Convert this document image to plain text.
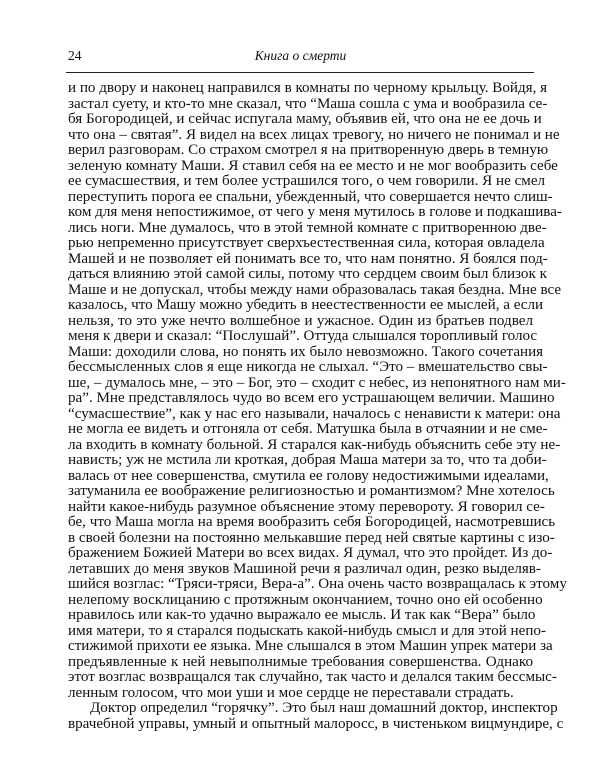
24	Книга о смерти
и по двору и наконец направился в комнаты по черному крыльцу. Войдя, я
застал суету, и кто-то мне сказал, что “Маша сошла с ума и вообразила се-
бя Богородицей, и сейчас испугала маму, объявив ей, что она не ее дочь и
что она – святая”. Я видел на всех лицах тревогу, но ничего не понимал и не
верил разговорам. Со страхом смотрел я на притворенную дверь в темную
зеленую комнату Маши. Я ставил себя на ее место и не мог вообразить себе
ее сумасшествия, и тем более устрашился того, о чем говорили. Я не смел
переступить порога ее спальни, убежденный, что совершается нечто слиш-
ком для меня непостижимое, от чего у меня мутилось в голове и подкашива-
лись ноги. Мне думалось, что в этой темной комнате с притворенною две-
рью непременно присутствует сверхъестественная сила, которая овладела
Машей и не позволяет ей понимать все то, что нам понятно. Я боялся под-
даться влиянию этой самой силы, потому что сердцем своим был близок к
Маше и не допускал, чтобы между нами образовалась такая бездна. Мне все
казалось, что Машу можно убедить в неестественности ее мыслей, а если
нельзя, то это уже нечто волшебное и ужасное. Один из братьев подвел
меня к двери и сказал: “Послушай”. Оттуда слышался торопливый голос
Маши: доходили слова, но понять их было невозможно. Такого сочетания
бессмысленных слов я еще никогда не слыхал. “Это – вмешательство свы-
ше, – думалось мне, – это – Бог, это – сходит с небес, из непонятного нам ми-
ра”. Мне представлялось чудо во всем его устрашающем величии. Машино
“сумасшествие”, как у нас его называли, началось с ненависти к матери: она
не могла ее видеть и отгоняла от себя. Матушка была в отчаянии и не сме-
ла входить в комнату больной. Я старался как-нибудь объяснить себе эту не-
нависть; уж не мстила ли кроткая, добрая Маша матери за то, что та доби-
валась от нее совершенства, смутила ее голову недостижимыми идеалами,
затуманила ее воображение религиозностью и романтизмом? Мне хотелось
найти какое-нибудь разумное объяснение этому перевороту. Я говорил се-
бе, что Маша могла на время вообразить себя Богородицей, насмотревшись
в своей болезни на постоянно мелькавшие перед ней святые картины с изо-
бражением Божией Матери во всех видах. Я думал, что это пройдет. Из до-
летавших до меня звуков Машиной речи я различал один, резко выделяв-
шийся возглас: “Тряси-тряси, Вера-а”. Она очень часто возвращалась к этому
нелепому восклицанию с протяжным окончанием, точно оно ей особенно
нравилось или как-то удачно выражало ее мысль. И так как “Вера” было
имя матери, то я старался подыскать какой-нибудь смысл и для этой непо-
стижимой прихоти ее языка. Мне слышался в этом Машин упрек матери за
предъявленные к ней невыполнимые требования совершенства. Однако
этот возглас возвращался так случайно, так часто и делался таким бессмыс-
ленным голосом, что мои уши и мое сердце не переставали страдать.
Доктор определил “горячку”. Это был наш домашний доктор, инспектор
врачебной управы, умный и опытный малоросс, в чистеньком вицмундире, с
